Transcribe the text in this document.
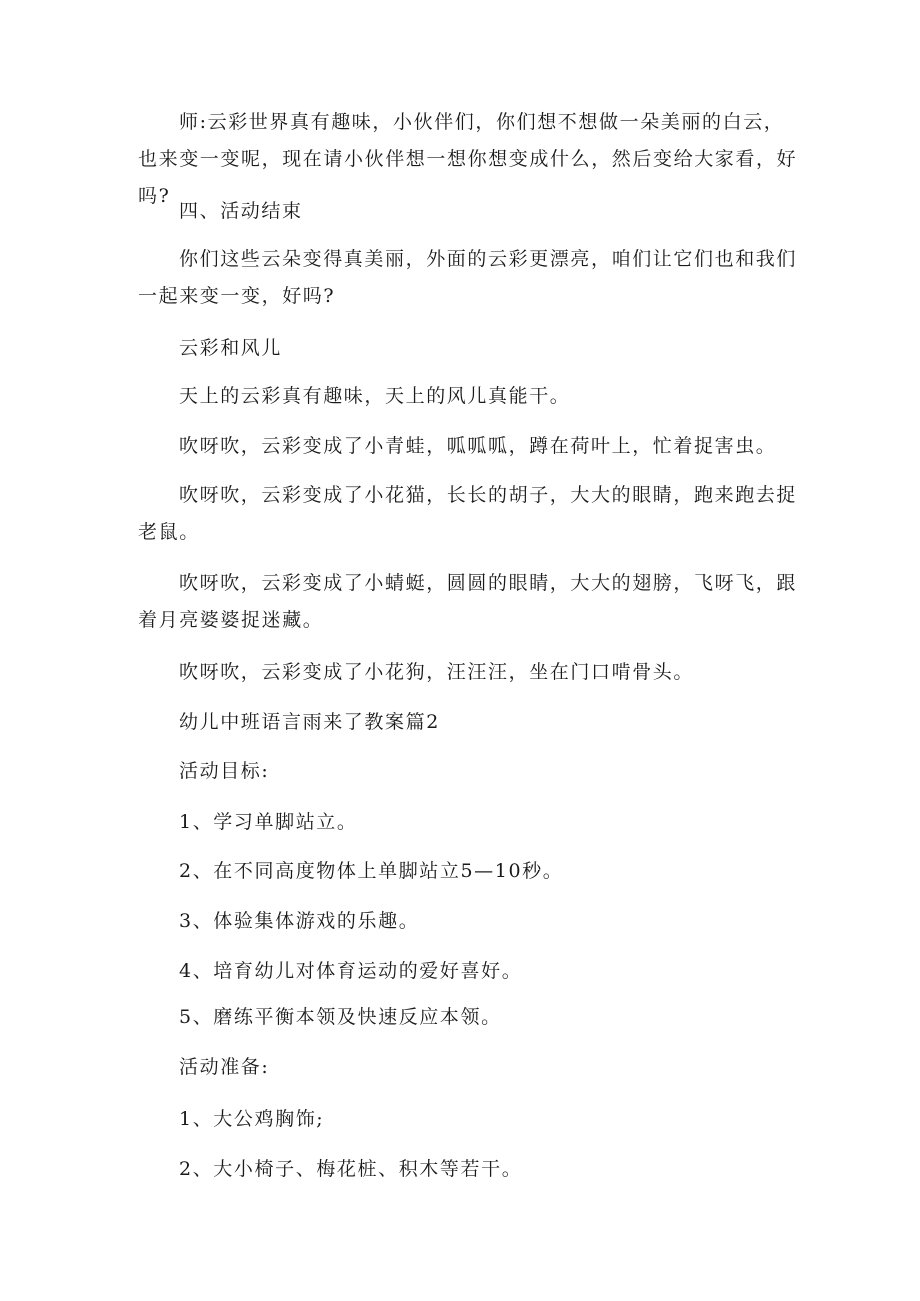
师:云彩世界真有趣味，小伙伴们，你们想不想做一朵美丽的白云，也来变一变呢，现在请小伙伴想一想你想变成什么，然后变给大家看，好吗?

四、活动结束

你们这些云朵变得真美丽，外面的云彩更漂亮，咱们让它们也和我们一起来变一变，好吗?

云彩和风儿

天上的云彩真有趣味，天上的风儿真能干。

吹呀吹，云彩变成了小青蛙，呱呱呱，蹲在荷叶上，忙着捉害虫。

吹呀吹，云彩变成了小花猫，长长的胡子，大大的眼睛，跑来跑去捉老鼠。

吹呀吹，云彩变成了小蜻蜓，圆圆的眼睛，大大的翅膀，飞呀飞，跟着月亮婆婆捉迷藏。

吹呀吹，云彩变成了小花狗，汪汪汪，坐在门口啃骨头。

幼儿中班语言雨来了教案篇2

活动目标:

1、学习单脚站立。

2、在不同高度物体上单脚站立5—10秒。

3、体验集体游戏的乐趣。

4、培育幼儿对体育运动的爱好喜好。

5、磨练平衡本领及快速反应本领。

活动准备:

1、大公鸡胸饰;

2、大小椅子、梅花桩、积木等若干。
